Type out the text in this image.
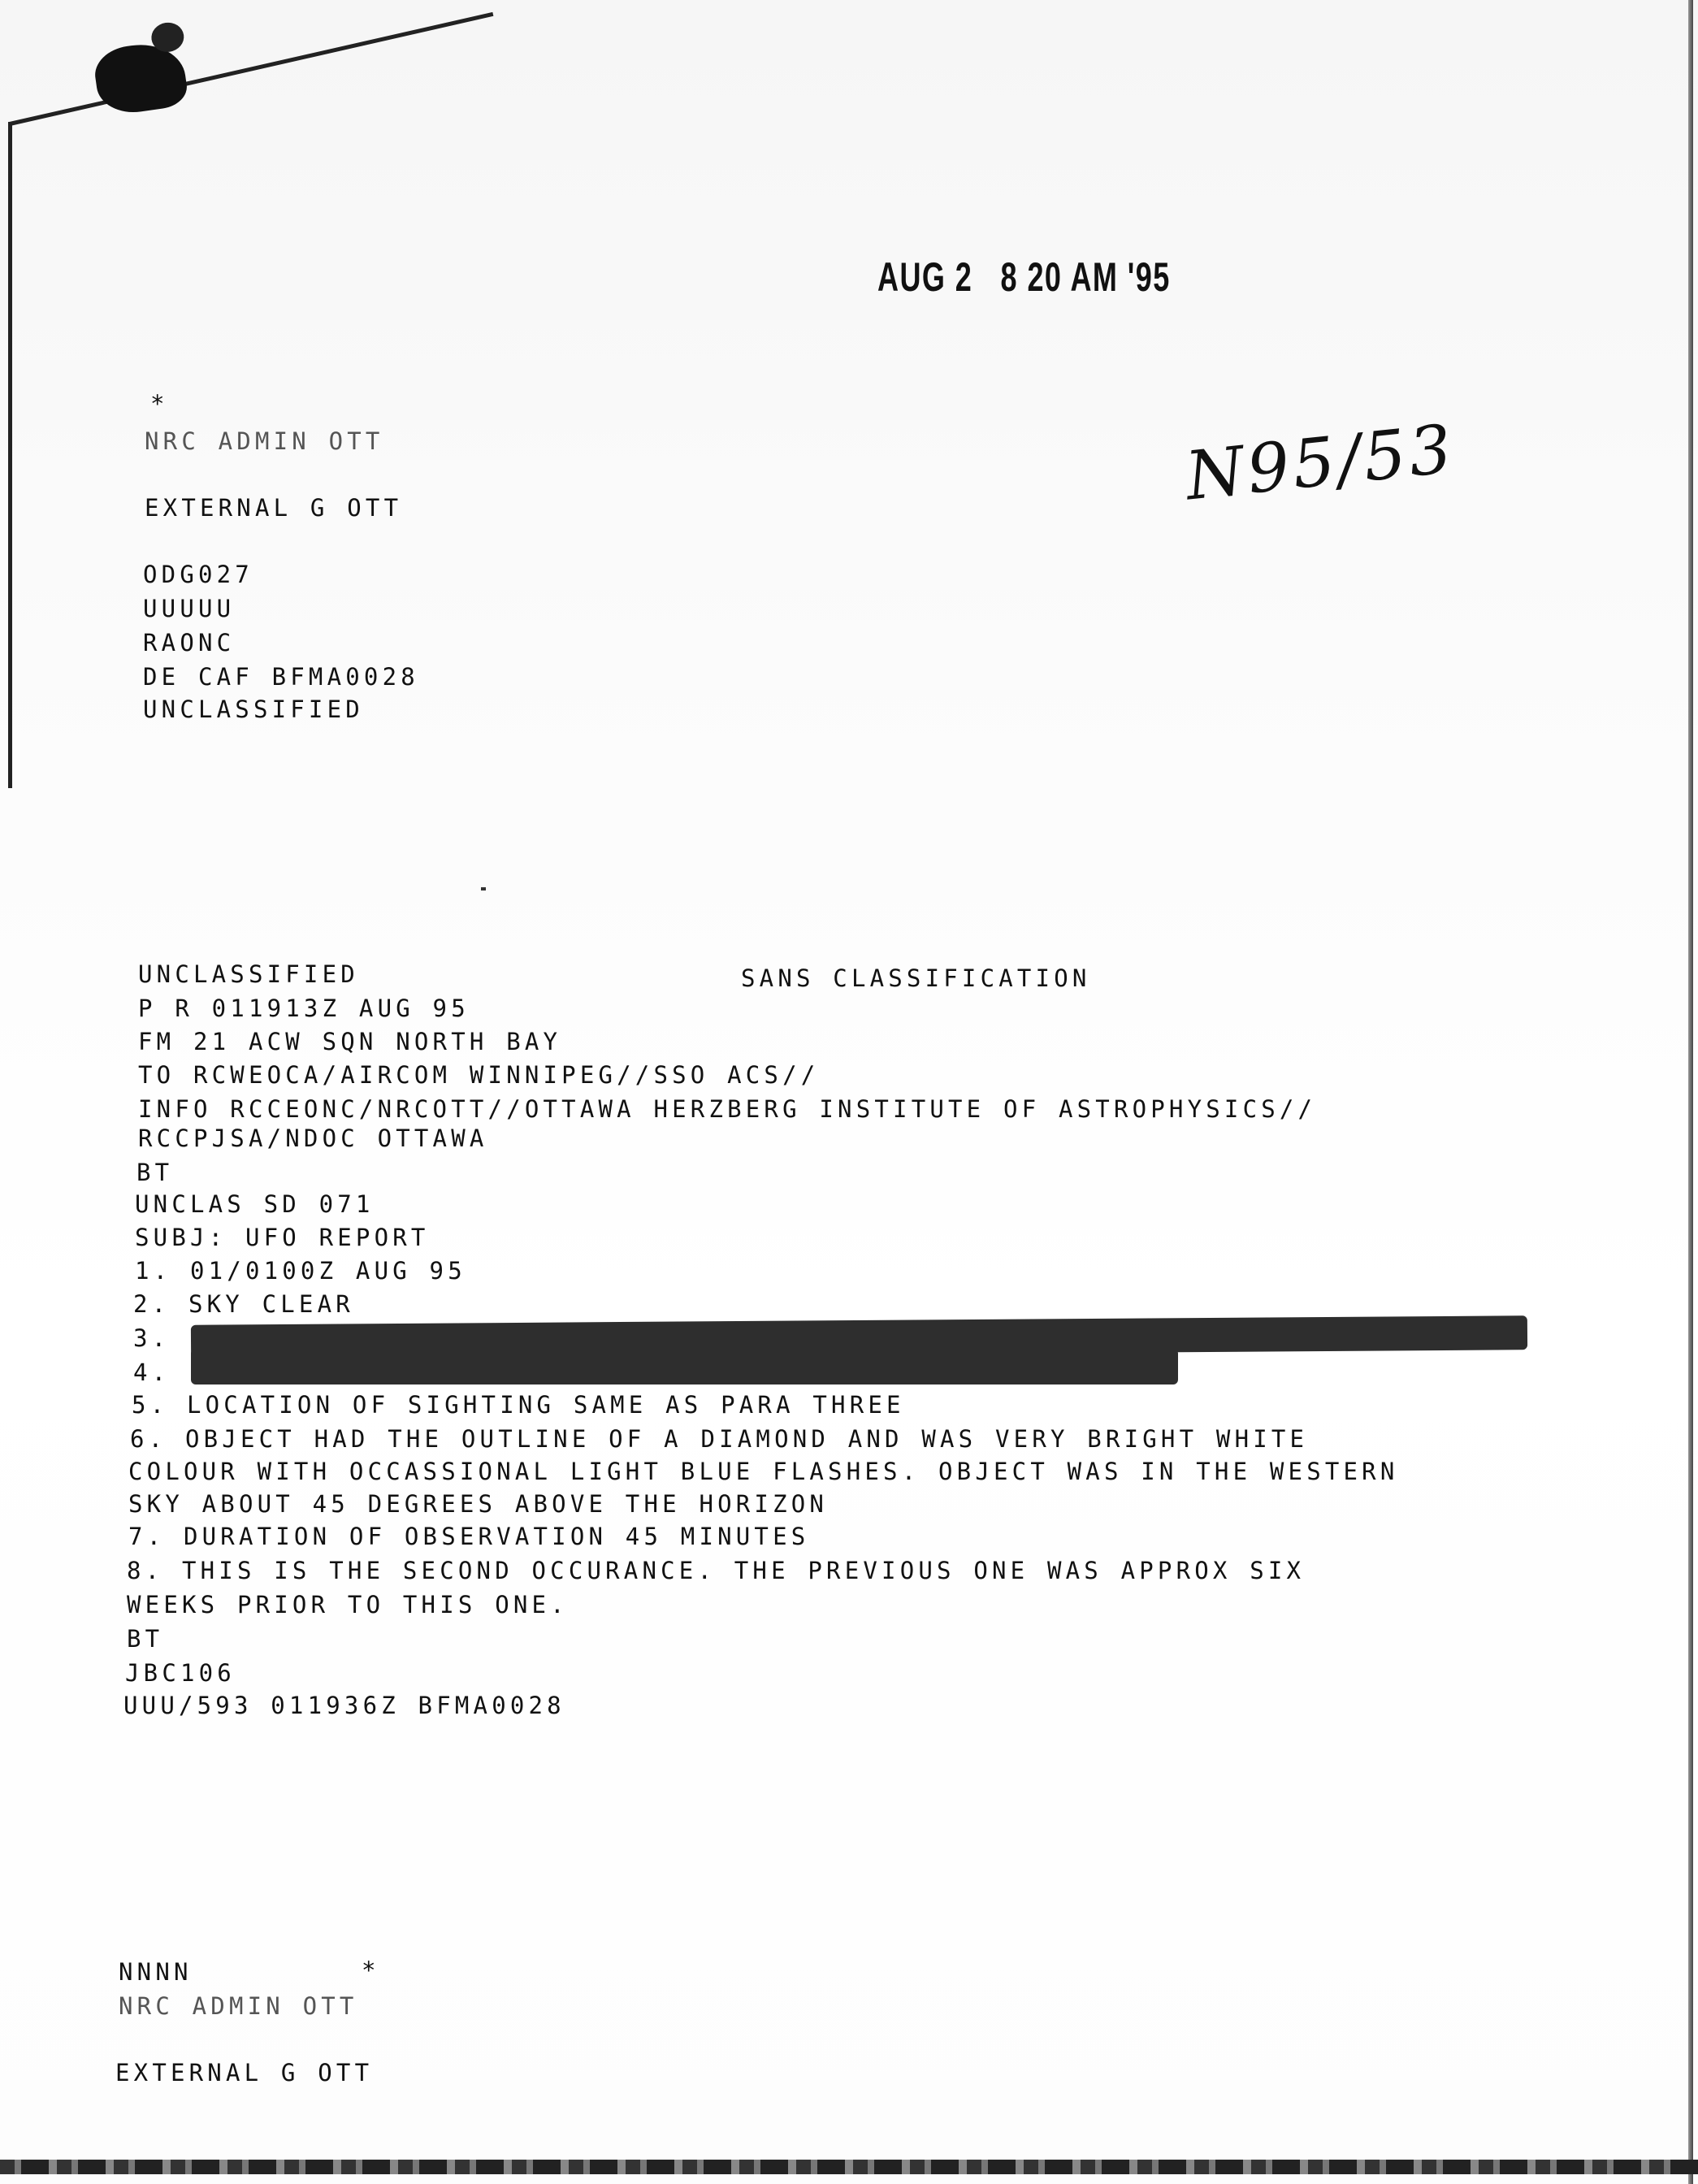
AUG 2   8 20 AM '95
N95/53
*
NRC ADMIN OTT
EXTERNAL G OTT
ODG027
UUUUU
RAONC
DE CAF BFMA0028
UNCLASSIFIED
UNCLASSIFIED	SANS CLASSIFICATION
P R 011913Z AUG 95
FM 21 ACW SQN NORTH BAY
TO RCWEOCA/AIRCOM WINNIPEG//SSO ACS//
INFO RCCEONC/NRCOTT//OTTAWA HERZBERG INSTITUTE OF ASTROPHYSICS//
RCCPJSA/NDOC OTTAWA
BT
UNCLAS SD 071
SUBJ: UFO REPORT
1. 01/0100Z AUG 95
2. SKY CLEAR
3.
4.
5. LOCATION OF SIGHTING SAME AS PARA THREE
6. OBJECT HAD THE OUTLINE OF A DIAMOND AND WAS VERY BRIGHT WHITE
COLOUR WITH OCCASSIONAL LIGHT BLUE FLASHES. OBJECT WAS IN THE WESTERN
SKY ABOUT 45 DEGREES ABOVE THE HORIZON
7. DURATION OF OBSERVATION 45 MINUTES
8. THIS IS THE SECOND OCCURANCE. THE PREVIOUS ONE WAS APPROX SIX
WEEKS PRIOR TO THIS ONE.
BT
JBC106
UUU/593 011936Z BFMA0028
NNNN	*
NRC ADMIN OTT
EXTERNAL G OTT
